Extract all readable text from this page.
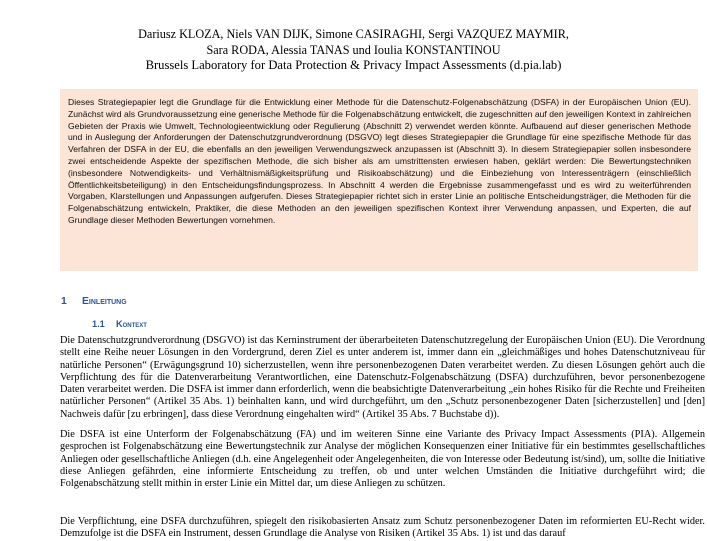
Dariusz KLOZA, Niels VAN DIJK, Simone CASIRAGHI, Sergi VAZQUEZ MAYMIR,
Sara RODA, Alessia TANAS und Ioulia KONSTANTINOU
Brussels Laboratory for Data Protection & Privacy Impact Assessments (d.pia.lab)
Dieses Strategiepapier legt die Grundlage für die Entwicklung einer Methode für die Datenschutz-Folgenabschätzung (DSFA) in der Europäischen Union (EU). Zunächst wird als Grundvoraussetzung eine generische Methode für die Folgenabschätzung entwickelt, die zugeschnitten auf den jeweiligen Kontext in zahlreichen Gebieten der Praxis wie Umwelt, Technologieentwicklung oder Regulierung (Abschnitt 2) verwendet werden könnte. Aufbauend auf dieser generischen Methode und in Auslegung der Anforderungen der Datenschutzgrundverordnung (DSGVO) legt dieses Strategiepapier die Grundlage für eine spezifische Methode für das Verfahren der DSFA in der EU, die ebenfalls an den jeweiligen Verwendungszweck anzupassen ist (Abschnitt 3). In diesem Strategiepapier sollen insbesondere zwei entscheidende Aspekte der spezifischen Methode, die sich bisher als am umstrittensten erwiesen haben, geklärt werden: Die Bewertungstechniken (insbesondere Notwendigkeits- und Verhältnismäßigkeitsprüfung und Risikoabschätzung) und die Einbeziehung von Interessenträgern (einschließlich Öffentlichkeitsbeteiligung) in den Entscheidungsfindungsprozess. In Abschnitt 4 werden die Ergebnisse zusammengefasst und es wird zu weiterführenden Vorgaben, Klarstellungen und Anpassungen aufgerufen. Dieses Strategiepapier richtet sich in erster Linie an politische Entscheidungsträger, die Methoden für die Folgenabschätzung entwickeln, Praktiker, die diese Methoden an den jeweiligen spezifischen Kontext ihrer Verwendung anpassen, und Experten, die auf Grundlage dieser Methoden Bewertungen vornehmen.
1 Einleitung
1.1 Kontext
Die Datenschutzgrundverordnung (DSGVO) ist das Kerninstrument der überarbeiteten Datenschutzregelung der Europäischen Union (EU). Die Verordnung stellt eine Reihe neuer Lösungen in den Vordergrund, deren Ziel es unter anderem ist, immer dann ein „gleichmäßiges und hohes Datenschutzniveau für natürliche Personen“ (Erwägungsgrund 10) sicherzustellen, wenn ihre personenbezogenen Daten verarbeitet werden. Zu diesen Lösungen gehört auch die Verpflichtung des für die Datenverarbeitung Verantwortlichen, eine Datenschutz-Folgenabschätzung (DSFA) durchzuführen, bevor personenbezogene Daten verarbeitet werden. Die DSFA ist immer dann erforderlich, wenn die beabsichtigte Datenverarbeitung „ein hohes Risiko für die Rechte und Freiheiten natürlicher Personen“ (Artikel 35 Abs. 1) beinhalten kann, und wird durchgeführt, um den „Schutz personenbezogener Daten [sicherzustellen] und [den] Nachweis dafür [zu erbringen], dass diese Verordnung eingehalten wird“ (Artikel 35 Abs. 7 Buchstabe d)).
Die DSFA ist eine Unterform der Folgenabschätzung (FA) und im weiteren Sinne eine Variante des Privacy Impact Assessments (PIA). Allgemein gesprochen ist Folgenabschätzung eine Bewertungstechnik zur Analyse der möglichen Konsequenzen einer Initiative für ein bestimmtes gesellschaftliches Anliegen oder gesellschaftliche Anliegen (d.h. eine Angelegenheit oder Angelegenheiten, die von Interesse oder Bedeutung ist/sind), um, sollte die Initiative diese Anliegen gefährden, eine informierte Entscheidung zu treffen, ob und unter welchen Umständen die Initiative durchgeführt wird; die Folgenabschätzung stellt mithin in erster Linie ein Mittel dar, um diese Anliegen zu schützen.
Die Verpflichtung, eine DSFA durchzuführen, spiegelt den risikobasierten Ansatz zum Schutz personenbezogener Daten im reformierten EU-Recht wider. Demzufolge ist die DSFA ein Instrument, dessen Grundlage die Analyse von Risiken (Artikel 35 Abs. 1) ist und das darauf
